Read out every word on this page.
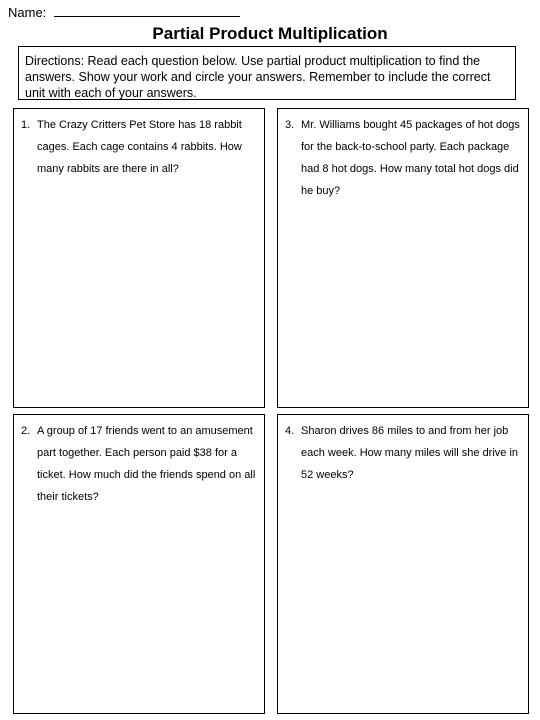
Name:
Partial Product Multiplication
Directions: Read each question below. Use partial product multiplication to find the answers. Show your work and circle your answers. Remember to include the correct unit with each of your answers.
1. The Crazy Critters Pet Store has 18 rabbit cages. Each cage contains 4 rabbits. How many rabbits are there in all?
3. Mr. Williams bought 45 packages of hot dogs for the back-to-school party. Each package had 8 hot dogs. How many total hot dogs did he buy?
2. A group of 17 friends went to an amusement part together. Each person paid $38 for a ticket. How much did the friends spend on all their tickets?
4. Sharon drives 86 miles to and from her job each week. How many miles will she drive in 52 weeks?
